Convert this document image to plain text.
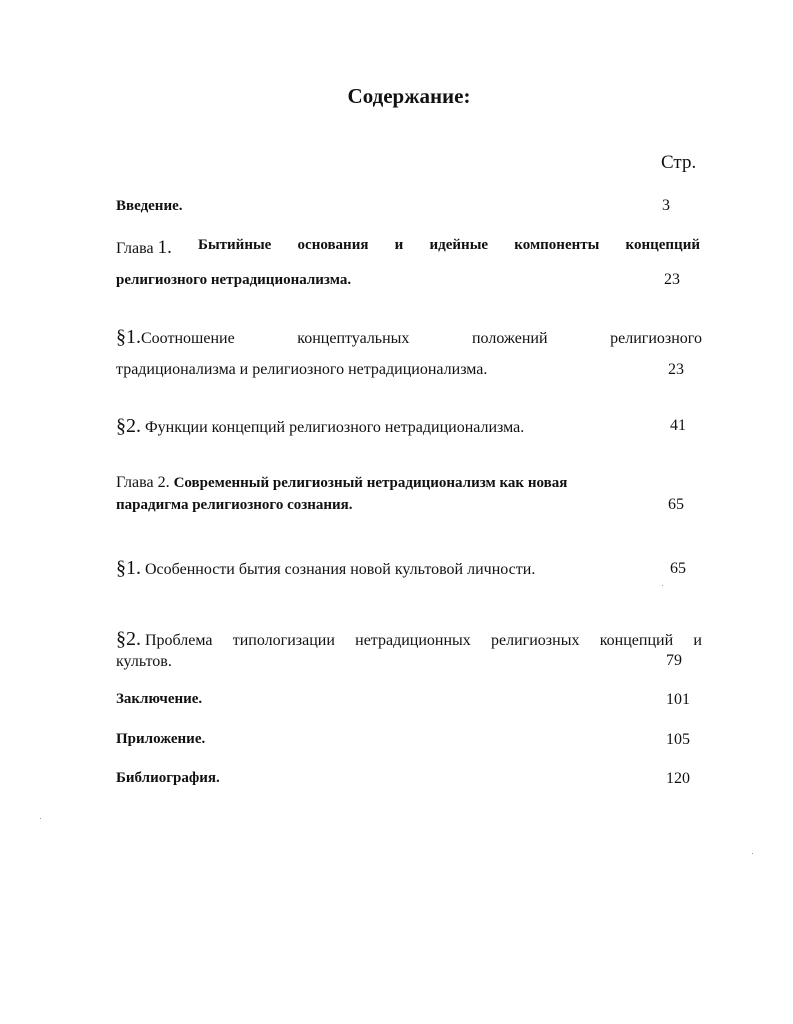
Содержание:
Стр.
Введение.	3
Глава 1. Бытийные основания и идейные компоненты концепций
религиозного нетрадиционализма.	23
§1.Соотношение	концептуальных	положений	религиозного
традиционализма и религиозного нетрадиционализма.	23
§2. Функции концепций религиозного нетрадиционализма.	41
Глава 2. Современный религиозный нетрадиционализм как новая
парадигма религиозного сознания.	65
§1. Особенности бытия сознания новой культовой личности.	65
§2. Проблема типологизации нетрадиционных религиозных концепций и
культов.	79
Заключение.	101
Приложение.	105
Библиография.	120
